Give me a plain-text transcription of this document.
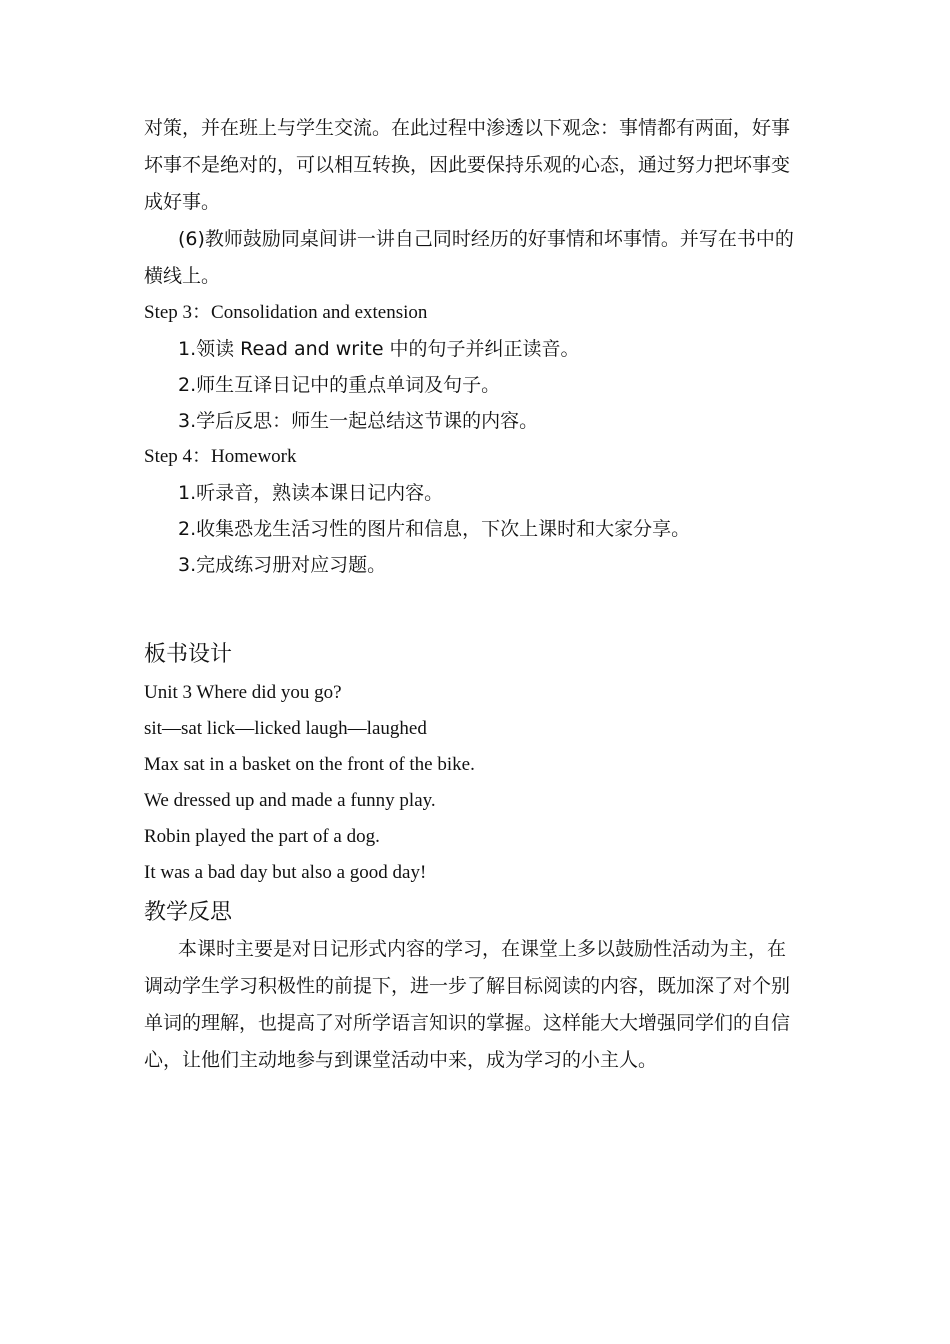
对策，并在班上与学生交流。在此过程中渗透以下观念：事情都有两面，好事坏事不是绝对的，可以相互转换，因此要保持乐观的心态，通过努力把坏事变成好事。

(6)教师鼓励同桌间讲一讲自己同时经历的好事情和坏事情。并写在书中的横线上。

Step 3：Consolidation and extension

1.领读 Read and write 中的句子并纠正读音。

2.师生互译日记中的重点单词及句子。

3.学后反思：师生一起总结这节课的内容。

Step 4：Homework

1.听录音，熟读本课日记内容。

2.收集恐龙生活习性的图片和信息，下次上课时和大家分享。

3.完成练习册对应习题。

板书设计

Unit 3 Where did you go?

sit—sat lick—licked laugh—laughed

Max sat in a basket on the front of the bike.

We dressed up and made a funny play.

Robin played the part of a dog.

It was a bad day but also a good day!

教学反思

本课时主要是对日记形式内容的学习，在课堂上多以鼓励性活动为主，在调动学生学习积极性的前提下，进一步了解目标阅读的内容，既加深了对个别单词的理解，也提高了对所学语言知识的掌握。这样能大大增强同学们的自信心，让他们主动地参与到课堂活动中来，成为学习的小主人。
